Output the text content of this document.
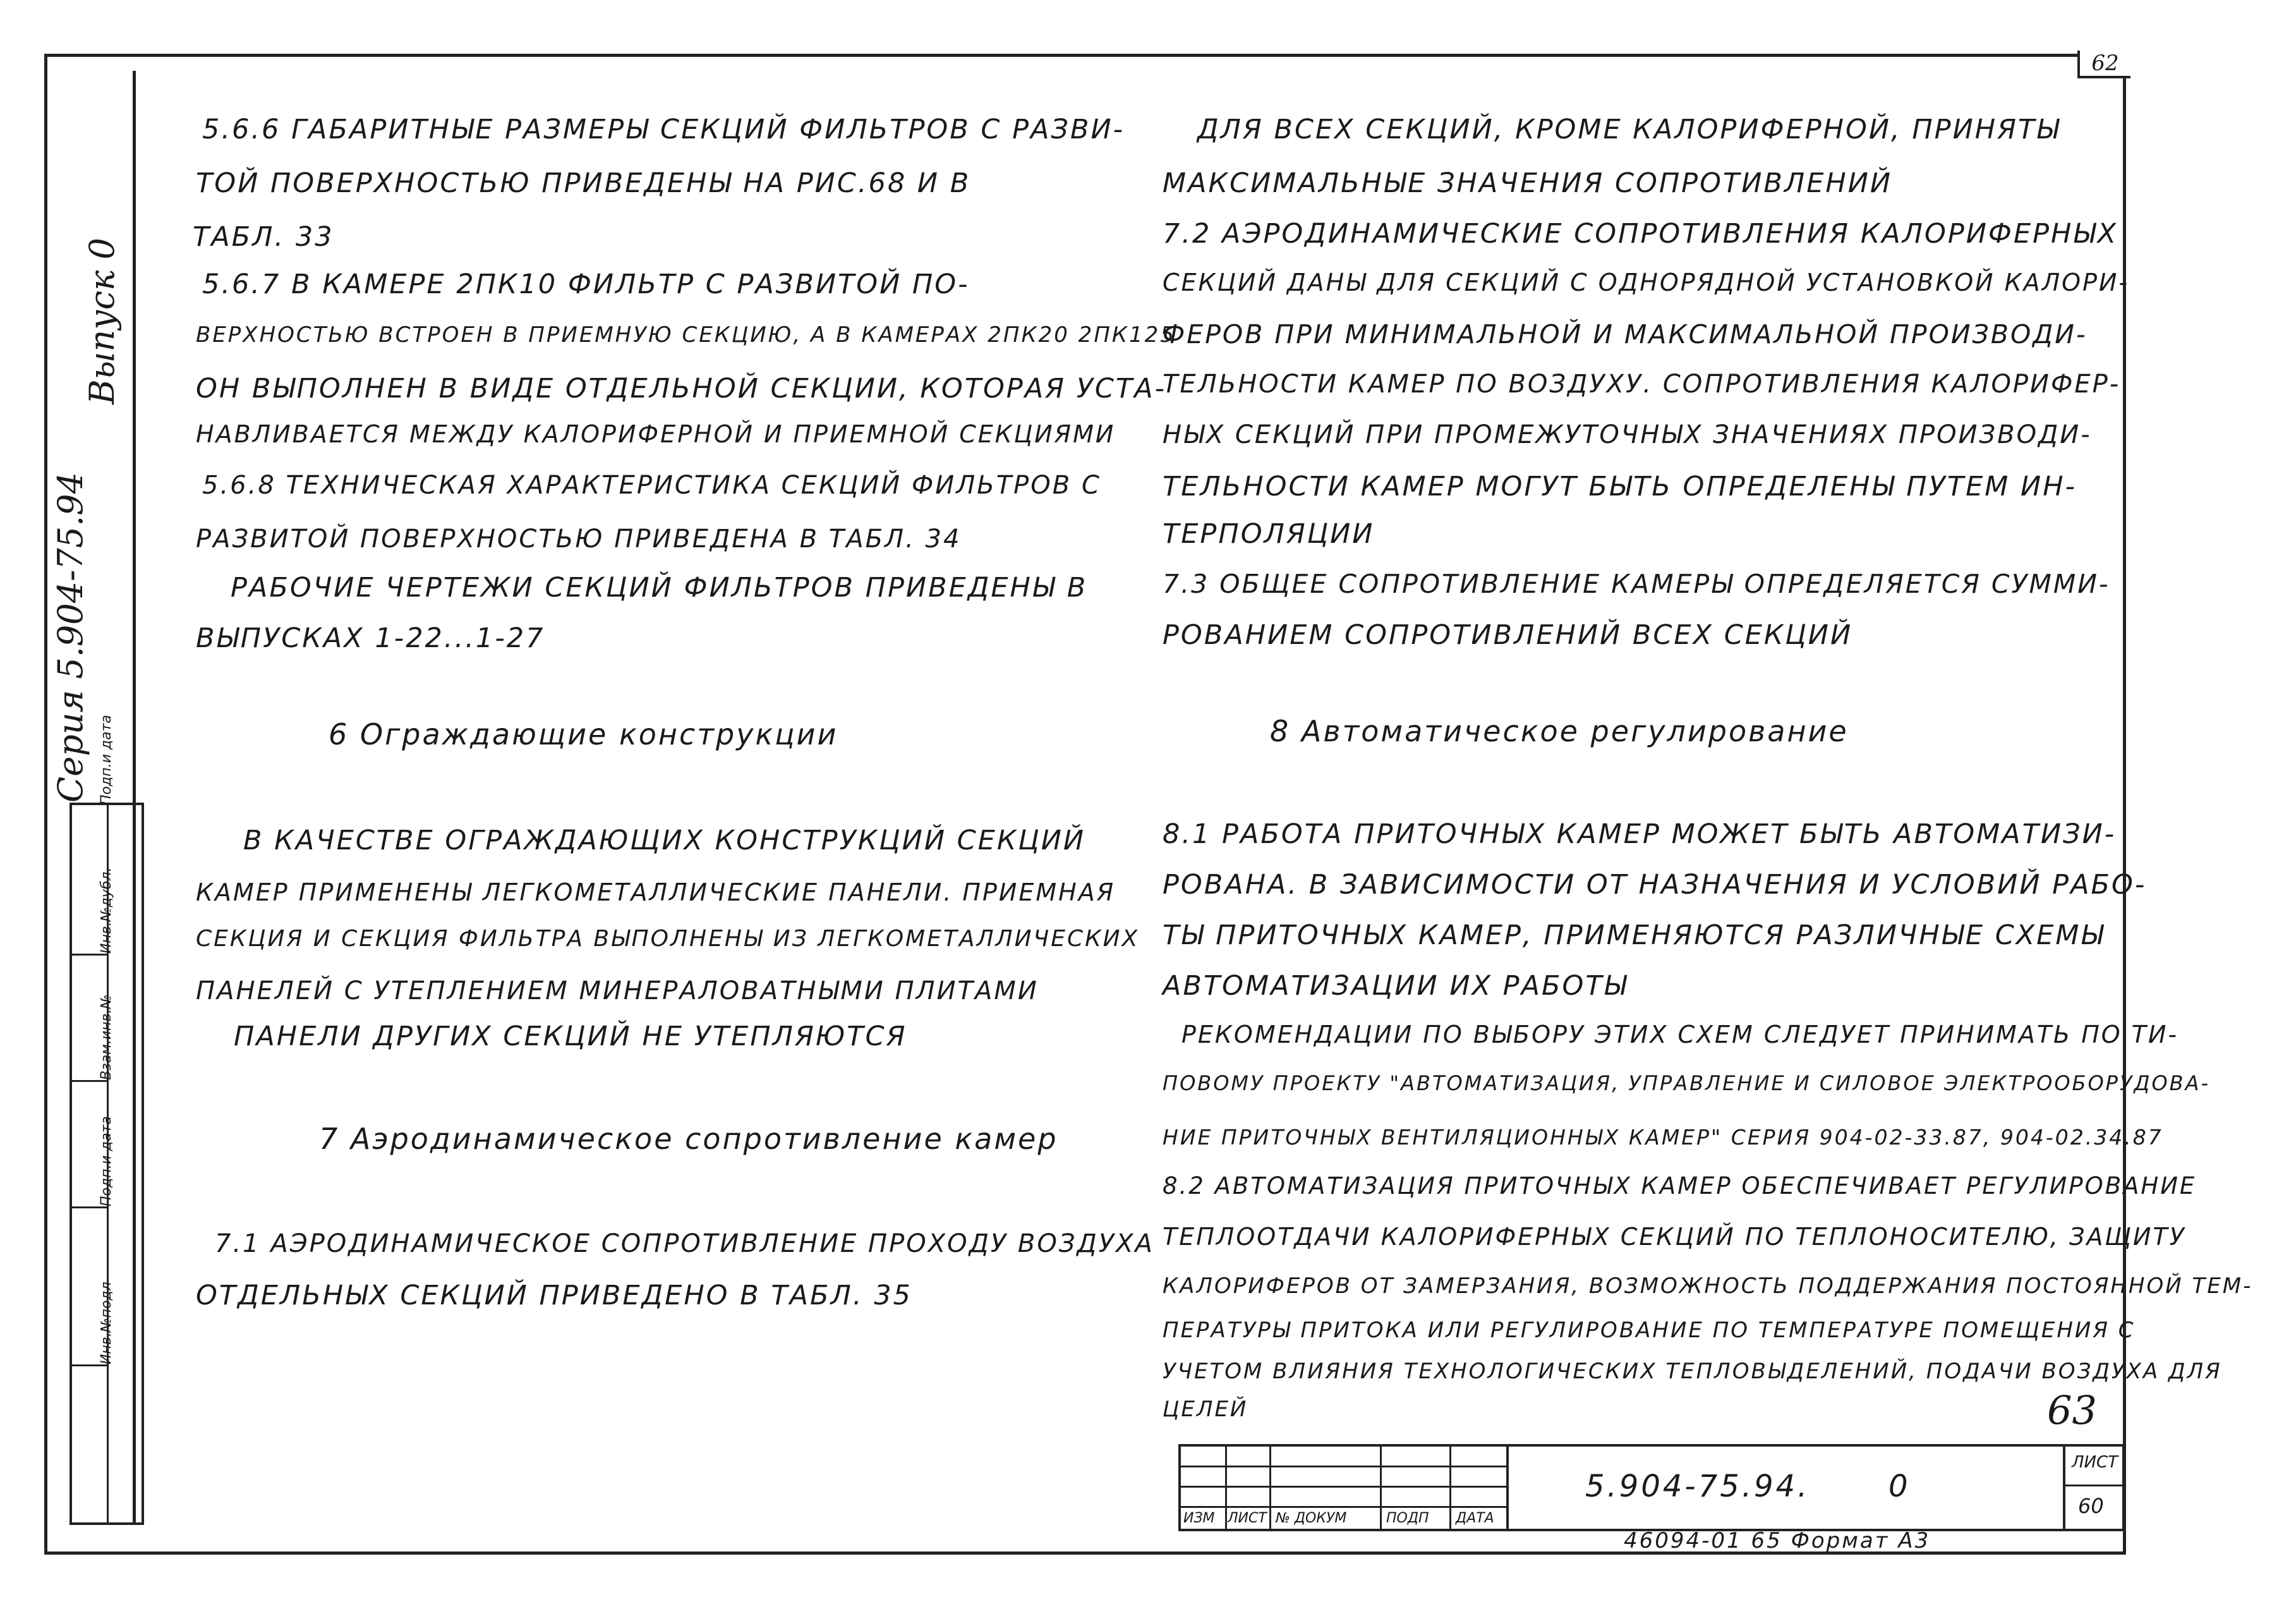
62
Серия 5.904-75.94
Выпуск 0
Подп.и дата
Инв.№дубл.
Взам.инв.№
Подп.и дата
Инв.№подл
5.6.6 ГАБАРИТНЫЕ РАЗМЕРЫ СЕКЦИЙ ФИЛЬТРОВ С РАЗВИ-
ТОЙ ПОВЕРХНОСТЬЮ ПРИВЕДЕНЫ НА РИС.68 И В
ТАБЛ. 33
5.6.7 В КАМЕРЕ 2ПК10 ФИЛЬТР С РАЗВИТОЙ ПО-
ВЕРХНОСТЬЮ ВСТРОЕН В ПРИЕМНУЮ СЕКЦИЮ, А В КАМЕРАХ 2ПК20 2ПК125
ОН ВЫПОЛНЕН В ВИДЕ ОТДЕЛЬНОЙ СЕКЦИИ, КОТОРАЯ УСТА-
НАВЛИВАЕТСЯ МЕЖДУ КАЛОРИФЕРНОЙ И ПРИЕМНОЙ СЕКЦИЯМИ
5.6.8 ТЕХНИЧЕСКАЯ ХАРАКТЕРИСТИКА СЕКЦИЙ ФИЛЬТРОВ С
РАЗВИТОЙ ПОВЕРХНОСТЬЮ ПРИВЕДЕНА В ТАБЛ. 34
РАБОЧИЕ ЧЕРТЕЖИ СЕКЦИЙ ФИЛЬТРОВ ПРИВЕДЕНЫ В
ВЫПУСКАХ 1-22...1-27
6 Ограждающие конструкции
В КАЧЕСТВЕ ОГРАЖДАЮЩИХ КОНСТРУКЦИЙ СЕКЦИЙ
КАМЕР ПРИМЕНЕНЫ ЛЕГКОМЕТАЛЛИЧЕСКИЕ ПАНЕЛИ. ПРИЕМНАЯ
СЕКЦИЯ И СЕКЦИЯ ФИЛЬТРА ВЫПОЛНЕНЫ ИЗ ЛЕГКОМЕТАЛЛИЧЕСКИХ
ПАНЕЛЕЙ С УТЕПЛЕНИЕМ МИНЕРАЛОВАТНЫМИ ПЛИТАМИ
ПАНЕЛИ ДРУГИХ СЕКЦИЙ НЕ УТЕПЛЯЮТСЯ
7 Аэродинамическое сопротивление камер
7.1 АЭРОДИНАМИЧЕСКОЕ СОПРОТИВЛЕНИЕ ПРОХОДУ ВОЗДУХА
ОТДЕЛЬНЫХ СЕКЦИЙ ПРИВЕДЕНО В ТАБЛ. 35
ДЛЯ ВСЕХ СЕКЦИЙ, КРОМЕ КАЛОРИФЕРНОЙ, ПРИНЯТЫ
МАКСИМАЛЬНЫЕ ЗНАЧЕНИЯ СОПРОТИВЛЕНИЙ
7.2 АЭРОДИНАМИЧЕСКИЕ СОПРОТИВЛЕНИЯ КАЛОРИФЕРНЫХ
СЕКЦИЙ ДАНЫ ДЛЯ СЕКЦИЙ С ОДНОРЯДНОЙ УСТАНОВКОЙ КАЛОРИ-
ФЕРОВ ПРИ МИНИМАЛЬНОЙ И МАКСИМАЛЬНОЙ ПРОИЗВОДИ-
ТЕЛЬНОСТИ КАМЕР ПО ВОЗДУХУ. СОПРОТИВЛЕНИЯ КАЛОРИФЕР-
НЫХ СЕКЦИЙ ПРИ ПРОМЕЖУТОЧНЫХ ЗНАЧЕНИЯХ ПРОИЗВОДИ-
ТЕЛЬНОСТИ КАМЕР МОГУТ БЫТЬ ОПРЕДЕЛЕНЫ ПУТЕМ ИН-
ТЕРПОЛЯЦИИ
7.3 ОБЩЕЕ СОПРОТИВЛЕНИЕ КАМЕРЫ ОПРЕДЕЛЯЕТСЯ СУММИ-
РОВАНИЕМ СОПРОТИВЛЕНИЙ ВСЕХ СЕКЦИЙ
8 Автоматическое регулирование
8.1 РАБОТА ПРИТОЧНЫХ КАМЕР МОЖЕТ БЫТЬ АВТОМАТИЗИ-
РОВАНА. В ЗАВИСИМОСТИ ОТ НАЗНАЧЕНИЯ И УСЛОВИЙ РАБО-
ТЫ ПРИТОЧНЫХ КАМЕР, ПРИМЕНЯЮТСЯ РАЗЛИЧНЫЕ СХЕМЫ
АВТОМАТИЗАЦИИ ИХ РАБОТЫ
РЕКОМЕНДАЦИИ ПО ВЫБОРУ ЭТИХ СХЕМ СЛЕДУЕТ ПРИНИМАТЬ ПО ТИ-
ПОВОМУ ПРОЕКТУ "АВТОМАТИЗАЦИЯ, УПРАВЛЕНИЕ И СИЛОВОЕ ЭЛЕКТРООБОРУДОВА-
НИЕ ПРИТОЧНЫХ ВЕНТИЛЯЦИОННЫХ КАМЕР" СЕРИЯ 904-02-33.87, 904-02.34.87
8.2 АВТОМАТИЗАЦИЯ ПРИТОЧНЫХ КАМЕР ОБЕСПЕЧИВАЕТ РЕГУЛИРОВАНИЕ
ТЕПЛООТДАЧИ КАЛОРИФЕРНЫХ СЕКЦИЙ ПО ТЕПЛОНОСИТЕЛЮ, ЗАЩИТУ
КАЛОРИФЕРОВ ОТ ЗАМЕРЗАНИЯ, ВОЗМОЖНОСТЬ ПОДДЕРЖАНИЯ ПОСТОЯННОЙ ТЕМ-
ПЕРАТУРЫ ПРИТОКА ИЛИ РЕГУЛИРОВАНИЕ ПО ТЕМПЕРАТУРЕ ПОМЕЩЕНИЯ С
УЧЕТОМ ВЛИЯНИЯ ТЕХНОЛОГИЧЕСКИХ ТЕПЛОВЫДЕЛЕНИЙ, ПОДАЧИ ВОЗДУХА ДЛЯ
ЦЕЛЕЙ	63
ИЗМ ЛИСТ № ДОКУМ	ПОДП ДАТА
5.904-75.94.	0
ЛИСТ
60
46094-01 65 Формат А3
